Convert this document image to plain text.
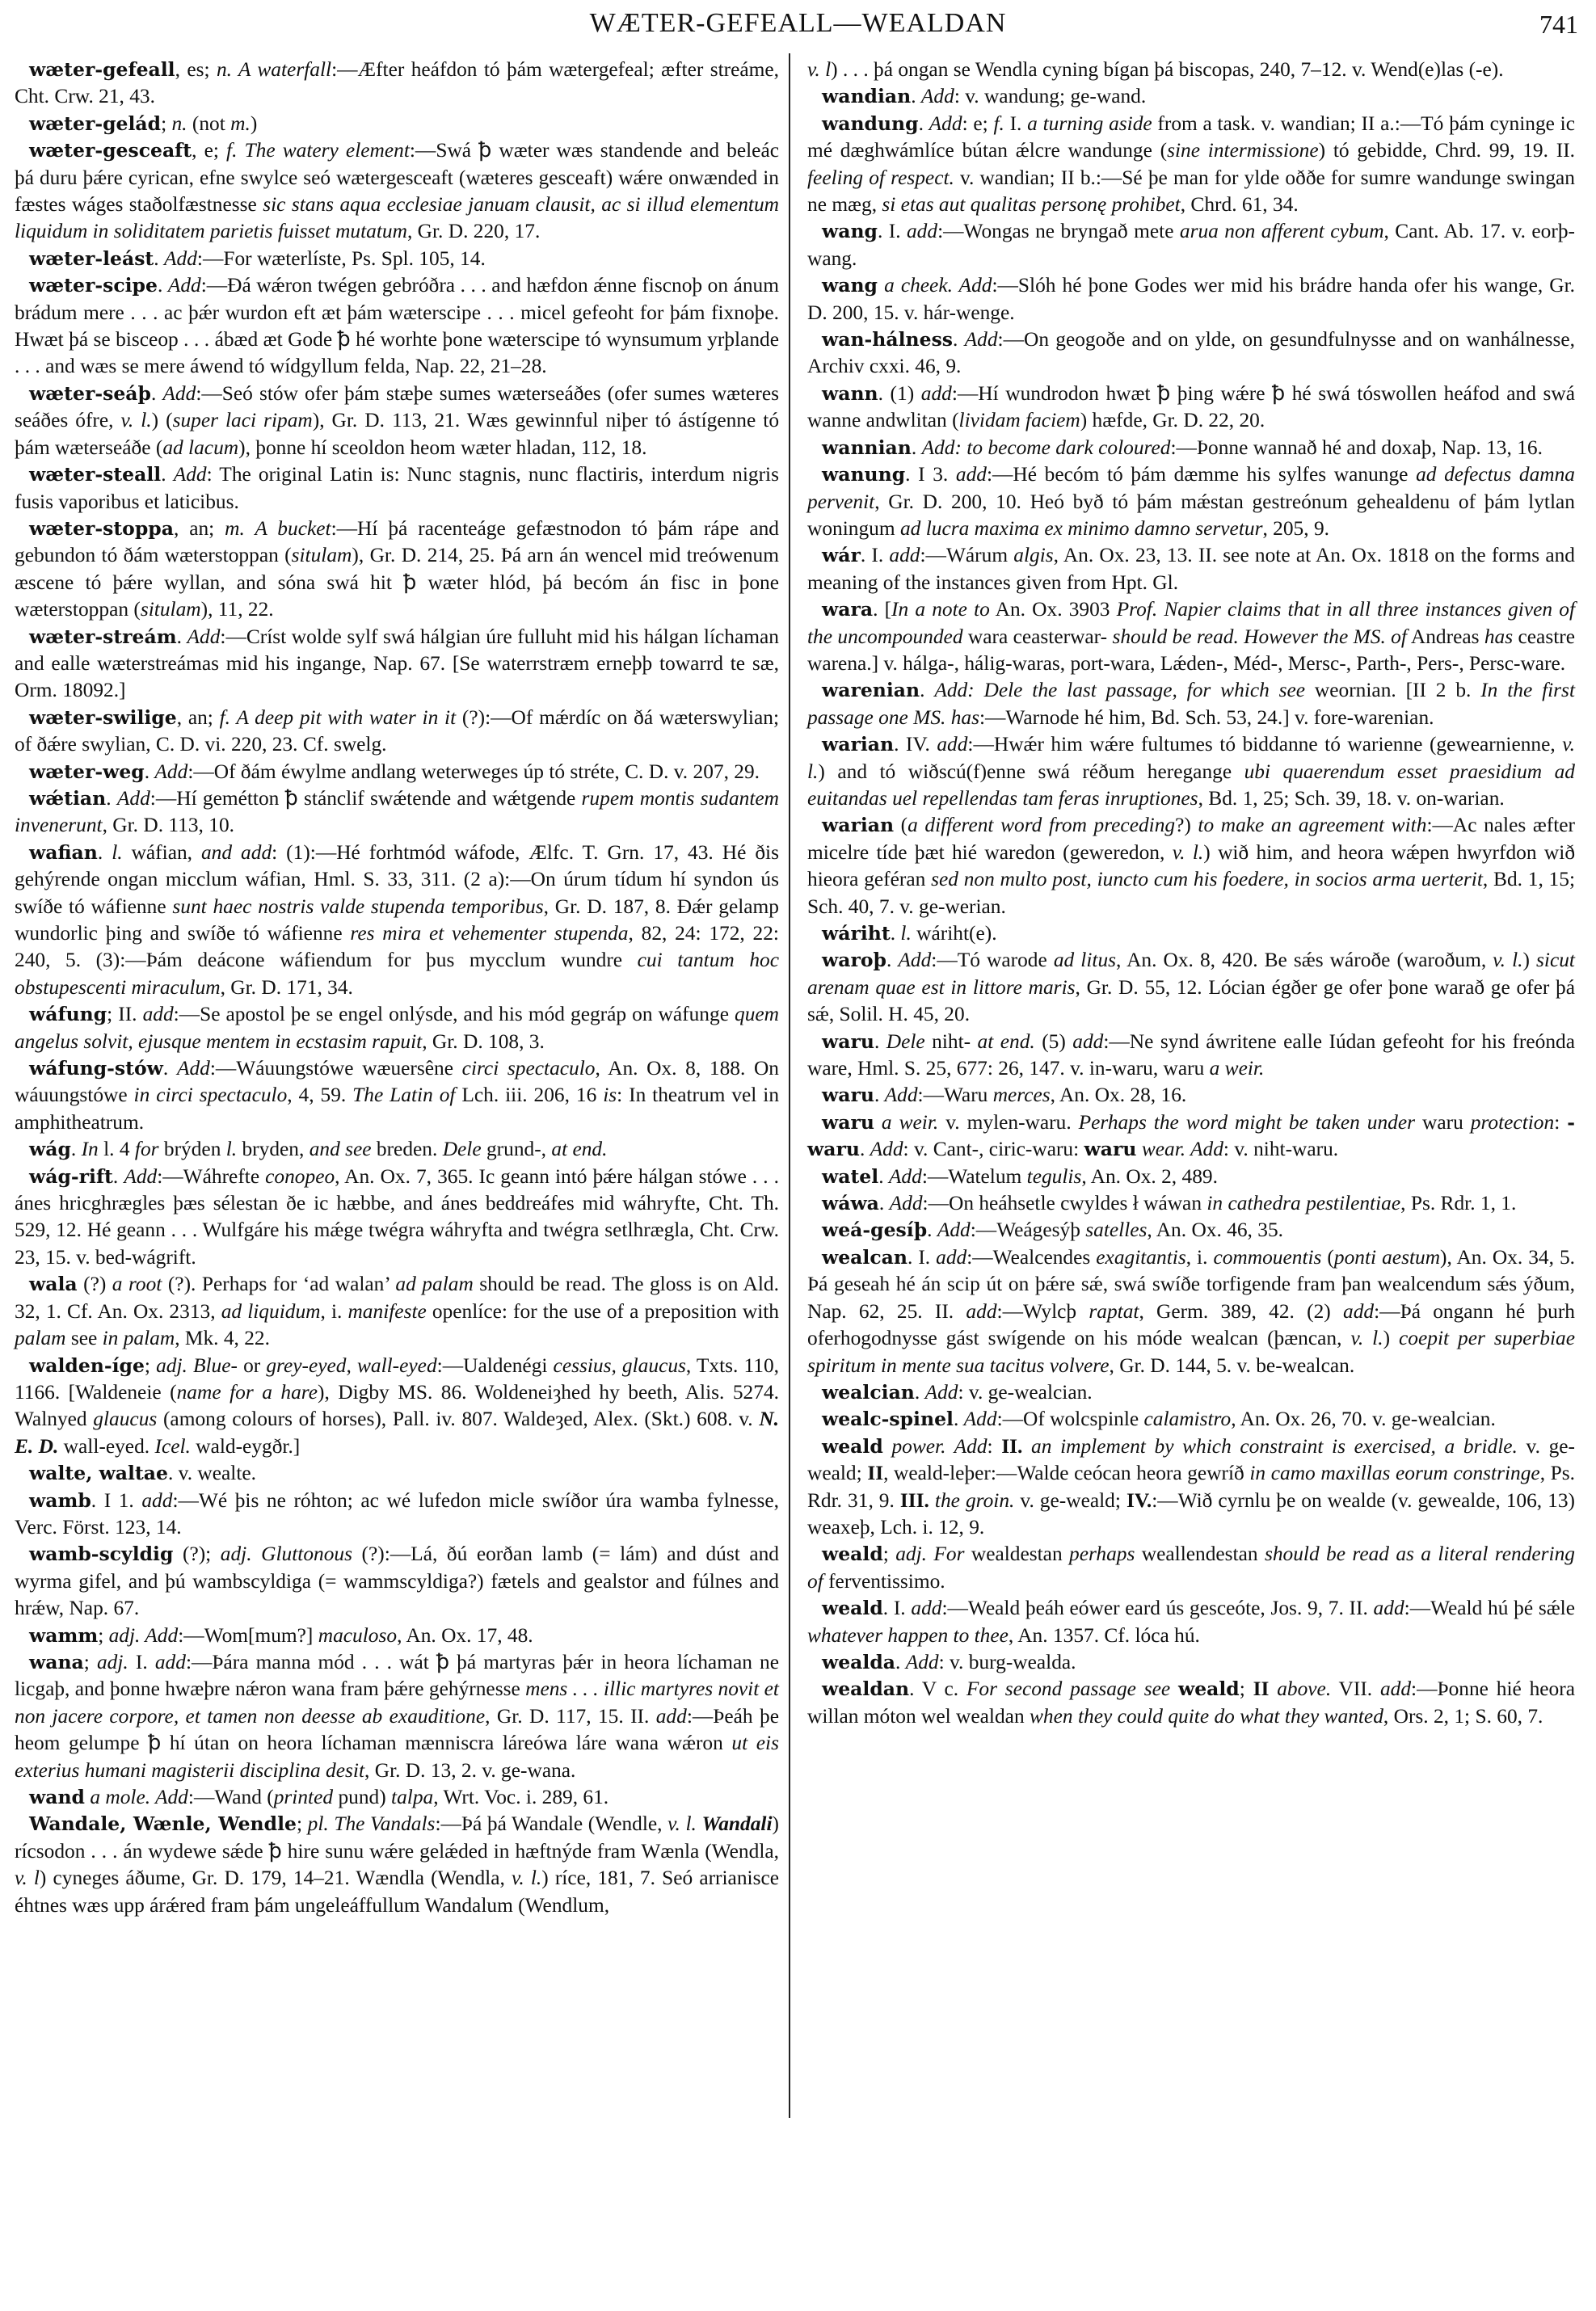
WÆTER-GEFEALL—WEALDAN	741

wæter-gefeall, es; n. A waterfall:—Æfter heáfdon tó þám wætergefeal; æfter streáme, Cht. Crw. 21, 43.

wæter-gelád; n. (not m.)

wæter-gesceaft, e; f. The watery element:—Swá ꝥ wæter wæs standende and beleác þá duru þǽre cyrican, efne swylce seó wætergesceaft (wæteres gesceaft) wǽre onwænded in fæstes wáges staðolfæstnesse sic stans aqua ecclesiae januam clausit, ac si illud elementum liquidum in soliditatem parietis fuisset mutatum, Gr. D. 220, 17.

wæter-leást. Add:—For wæterlíste, Ps. Spl. 105, 14.

wæter-scipe. Add:—Ðá wǽron twégen gebróðra . . . and hæfdon ǽnne fiscnoþ on ánum brádum mere . . . ac þǽr wurdon eft æt þám wæterscipe . . . micel gefeoht for þám fixnoþe. Hwæt þá se bisceop . . . ábæd æt Gode ꝥ hé worhte þone wæterscipe tó wynsumum yrþlande . . . and wæs se mere áwend tó wídgyllum felda, Nap. 22, 21–28.

wæter-seáþ. Add:—Seó stów ofer þám stæþe sumes wæterseáðes (ofer sumes wæteres seáðes ófre, v. l.) (super laci ripam), Gr. D. 113, 21. Wæs gewinnful niþer tó ástígenne tó þám wæterseáðe (ad lacum), þonne hí sceoldon heom wæter hladan, 112, 18.

wæter-steall. Add: The original Latin is: Nunc stagnis, nunc flactiris, interdum nigris fusis vaporibus et laticibus.

wæter-stoppa, an; m. A bucket:—Hí þá racenteáge gefæstnodon tó þám rápe and gebundon tó ðám wæterstoppan (situlam), Gr. D. 214, 25. Þá arn án wencel mid treówenum æscene tó þǽre wyllan, and sóna swá hit ꝥ wæter hlód, þá becóm án fisc in þone wæterstoppan (situlam), 11, 22.

wæter-streám. Add:—Críst wolde sylf swá hálgian úre fulluht mid his hálgan líchaman and ealle wæterstreámas mid his ingange, Nap. 67. [Se waterrstræm erneþþ towarrd te sæ, Orm. 18092.]

wæter-swilige, an; f. A deep pit with water in it (?):—Of mǽrdíc on ðá wæterswylian; of ðǽre swylian, C. D. vi. 220, 23. Cf. swelg.

wæter-weg. Add:—Of ðám éwylme andlang weterweges úp tó stréte, C. D. v. 207, 29.

wǽtian. Add:—Hí gemétton ꝥ stánclif swǽtende and wǽtgende rupem montis sudantem invenerunt, Gr. D. 113, 10.

wafian. l. wáfian, and add: (1):—Hé forhtmód wáfode, Ælfc. T. Grn. 17, 43. Hé ðis gehýrende ongan micclum wáfian, Hml. S. 33, 311. (2 a):—On úrum tídum hí syndon ús swíðe tó wáfienne sunt haec nostris valde stupenda temporibus, Gr. D. 187, 8. Ðǽr gelamp wundorlic þing and swíðe tó wáfienne res mira et vehementer stupenda, 82, 24: 172, 22: 240, 5. (3):—Þám deácone wáfiendum for þus mycclum wundre cui tantum hoc obstupescenti miraculum, Gr. D. 171, 34.

wáfung; II. add:—Se apostol þe se engel onlýsde, and his mód gegráp on wáfunge quem angelus solvit, ejusque mentem in ecstasim rapuit, Gr. D. 108, 3.

wáfung-stów. Add:—Wáuungstówe wæuersêne circi spectaculo, An. Ox. 8, 188. On wáuungstówe in circi spectaculo, 4, 59. The Latin of Lch. iii. 206, 16 is: In theatrum vel in amphitheatrum.

wág. In l. 4 for brýden l. bryden, and see breden. Dele grund-, at end.

wág-rift. Add:—Wáhrefte conopeo, An. Ox. 7, 365. Ic geann intó þǽre hálgan stówe . . . ánes hricghrægles þæs sélestan ðe ic hæbbe, and ánes beddreáfes mid wáhryfte, Cht. Th. 529, 12. Hé geann . . . Wulfgáre his mǽge twégra wáhryfta and twégra setlhrægla, Cht. Crw. 23, 15. v. bed-wágrift.

wala (?) a root (?). Perhaps for ‘ad walan’ ad palam should be read. The gloss is on Ald. 32, 1. Cf. An. Ox. 2313, ad liquidum, i. manifeste openlíce: for the use of a preposition with palam see in palam, Mk. 4, 22.

walden-íge; adj. Blue- or grey-eyed, wall-eyed:—Ualdenégi cessius, glaucus, Txts. 110, 1166. [Waldeneie (name for a hare), Digby MS. 86. Woldeneiȝhed hy beeth, Alis. 5274. Walnyed glaucus (among colours of horses), Pall. iv. 807. Waldeȝed, Alex. (Skt.) 608. v. N. E. D. wall-eyed. Icel. wald-eygðr.]

walte, waltae. v. wealte.

wamb. I 1. add:—Wé þis ne róhton; ac wé lufedon micle swíðor úra wamba fylnesse, Verc. Först. 123, 14.

wamb-scyldig (?); adj. Gluttonous (?):—Lá, ðú eorðan lamb (= lám) and dúst and wyrma gifel, and þú wambscyldiga (= wammscyldiga?) fætels and gealstor and fúlnes and hrǽw, Nap. 67.

wamm; adj. Add:—Wom[mum?] maculoso, An. Ox. 17, 48.

wana; adj. I. add:—Þára manna mód . . . wát ꝥ þá martyras þǽr in heora líchaman ne licgaþ, and þonne hwæþre nǽron wana fram þǽre gehýrnesse mens . . . illic martyres novit et non jacere corpore, et tamen non deesse ab exauditione, Gr. D. 117, 15. II. add:—Þeáh þe heom gelumpe ꝥ hí útan on heora líchaman mænniscra láreówa láre wana wǽron ut eis exterius humani magisterii disciplina desit, Gr. D. 13, 2. v. ge-wana.

wand a mole. Add:—Wand (printed pund) talpa, Wrt. Voc. i. 289, 61.

Wandale, Wænle, Wendle; pl. The Vandals:—Þá þá Wandale (Wendle, v. l. Wandali) rícsodon . . . án wydewe sǽde ꝥ hire sunu wǽre gelǽded in hæftnýde fram Wænla (Wendla, v. l) cyneges áðume, Gr. D. 179, 14–21. Wændla (Wendla, v. l.) ríce, 181, 7. Seó arrianisce éhtnes wæs upp árǽred fram þám ungeleáffullum Wandalum (Wendlum,

v. l) . . . þá ongan se Wendla cyning bígan þá biscopas, 240, 7–12. v. Wend(e)las (-e).

wandian. Add: v. wandung; ge-wand.

wandung. Add: e; f. I. a turning aside from a task. v. wandian; II a.:—Tó þám cyninge ic mé dæghwámlíce bútan ǽlcre wandunge (sine intermissione) tó gebidde, Chrd. 99, 19. II. feeling of respect. v. wandian; II b.:—Sé þe man for ylde oððe for sumre wandunge swingan ne mæg, si etas aut qualitas personę prohibet, Chrd. 61, 34.

wang. I. add:—Wongas ne bryngað mete arua non afferent cybum, Cant. Ab. 17. v. eorþ-wang.

wang a cheek. Add:—Slóh hé þone Godes wer mid his brádre handa ofer his wange, Gr. D. 200, 15. v. hár-wenge.

wan-hálness. Add:—On geogoðe and on ylde, on gesundfulnysse and on wanhálnesse, Archiv cxxi. 46, 9.

wann. (1) add:—Hí wundrodon hwæt ꝥ þing wǽre ꝥ hé swá tóswollen heáfod and swá wanne andwlitan (lividam faciem) hæfde, Gr. D. 22, 20.

wannian. Add: to become dark coloured:—Þonne wannað hé and doxaþ, Nap. 13, 16.

wanung. I 3. add:—Hé becóm tó þám dæmme his sylfes wanunge ad defectus damna pervenit, Gr. D. 200, 10. Heó byð tó þám mǽstan gestreónum gehealdenu of þám lytlan woningum ad lucra maxima ex minimo damno servetur, 205, 9.

wár. I. add:—Wárum algis, An. Ox. 23, 13. II. see note at An. Ox. 1818 on the forms and meaning of the instances given from Hpt. Gl.

wara. [In a note to An. Ox. 3903 Prof. Napier claims that in all three instances given of the uncompounded wara ceasterwar- should be read. However the MS. of Andreas has ceastre warena.] v. hálga-, hálig-waras, port-wara, Lǽden-, Méd-, Mersc-, Parth-, Pers-, Persc-ware.

warenian. Add: Dele the last passage, for which see weornian. [II 2 b. In the first passage one MS. has:—Warnode hé him, Bd. Sch. 53, 24.] v. fore-warenian.

warian. IV. add:—Hwǽr him wǽre fultumes tó biddanne tó warienne (gewearnienne, v. l.) and tó wiðscú(f)enne swá réðum heregange ubi quaerendum esset praesidium ad euitandas uel repellendas tam feras inruptiones, Bd. 1, 25; Sch. 39, 18. v. on-warian.

warian (a different word from preceding?) to make an agreement with:—Ac nales æfter micelre tíde þæt hié waredon (geweredon, v. l.) wið him, and heora wǽpen hwyrfdon wið hieora geféran sed non multo post, iuncto cum his foedere, in socios arma uerterit, Bd. 1, 15; Sch. 40, 7. v. ge-werian.

wáriht. l. wáriht(e).

waroþ. Add:—Tó warode ad litus, An. Ox. 8, 420. Be sǽs wároðe (waroðum, v. l.) sicut arenam quae est in littore maris, Gr. D. 55, 12. Lócian égðer ge ofer þone warað ge ofer þá sǽ, Solil. H. 45, 20.

waru. Dele niht- at end. (5) add:—Ne synd áwritene ealle Iúdan gefeoht for his freónda ware, Hml. S. 25, 677: 26, 147. v. in-waru, waru a weir.

waru. Add:—Waru merces, An. Ox. 28, 16.

waru a weir. v. mylen-waru. Perhaps the word might be taken under waru protection: -waru. Add: v. Cant-, ciric-waru: waru wear. Add: v. niht-waru.

watel. Add:—Watelum tegulis, An. Ox. 2, 489.

wáwa. Add:—On heáhsetle cwyldes ł wáwan in cathedra pestilentiae, Ps. Rdr. 1, 1.

weá-gesíþ. Add:—Weágesýþ satelles, An. Ox. 46, 35.

wealcan. I. add:—Wealcendes exagitantis, i. commouentis (ponti aestum), An. Ox. 34, 5. Þá geseah hé án scip út on þǽre sǽ, swá swíðe torfigende fram þan wealcendum sǽs ýðum, Nap. 62, 25. II. add:—Wylcþ raptat, Germ. 389, 42. (2) add:—Þá ongann hé þurh oferhogodnysse gást swígende on his móde wealcan (þæncan, v. l.) coepit per superbiae spiritum in mente sua tacitus volvere, Gr. D. 144, 5. v. be-wealcan.

wealcian. Add: v. ge-wealcian.

wealc-spinel. Add:—Of wolcspinle calamistro, An. Ox. 26, 70. v. ge-wealcian.

weald power. Add: II. an implement by which constraint is exercised, a bridle. v. ge-weald; II, weald-leþer:—Walde ceócan heora gewríð in camo maxillas eorum constringe, Ps. Rdr. 31, 9. III. the groin. v. ge-weald; IV.:—Wið cyrnlu þe on wealde (v. gewealde, 106, 13) weaxeþ, Lch. i. 12, 9.

weald; adj. For wealdestan perhaps weallendestan should be read as a literal rendering of ferventissimo.

weald. I. add:—Weald þeáh eówer eard ús gesceóte, Jos. 9, 7. II. add:—Weald hú þé sǽle whatever happen to thee, An. 1357. Cf. lóca hú.

wealda. Add: v. burg-wealda.

wealdan. V c. For second passage see weald; II above. VII. add:—Þonne hié heora willan móton wel wealdan when they could quite do what they wanted, Ors. 2, 1; S. 60, 7.
